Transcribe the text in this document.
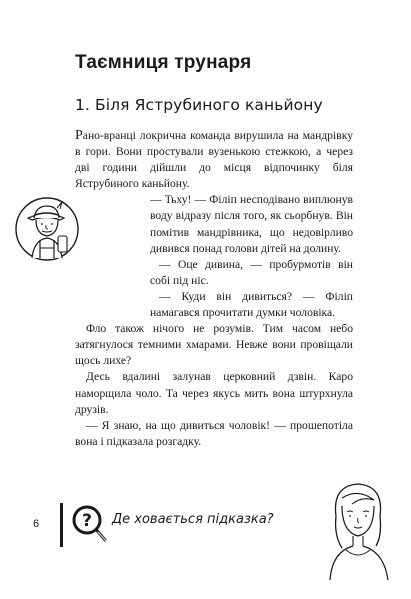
Таємниця трунаря
1. Біля Яструбиного каньйону

Рано-вранці локрична команда вирушила на мандрівку в гори. Вони простували вузенькою стежкою, а через дві години дійшли до місця відпочинку біля Яструбиного каньйону.

— Тьху! — Філіп несподівано виплюнув воду відразу після того, як сьорбнув. Він помітив мандрівника, що недовірливо дивився понад голови дітей на долину.

— Оце дивина, — пробурмотів він собі під ніс.

— Куди він дивиться? — Філіп намагався прочитати думки чоловіка.

Фло також нічого не розумів. Тим часом небо затягнулося темними хмарами. Невже вони провіщали щось лихе?

Десь вдалині залунав церковний дзвін. Каро наморщила чоло. Та через якусь мить вона штурхнула друзів.

— Я знаю, на що дивиться чоловік! — прошепотіла вона і підказала розгадку.

6	? Де ховається підказка?
